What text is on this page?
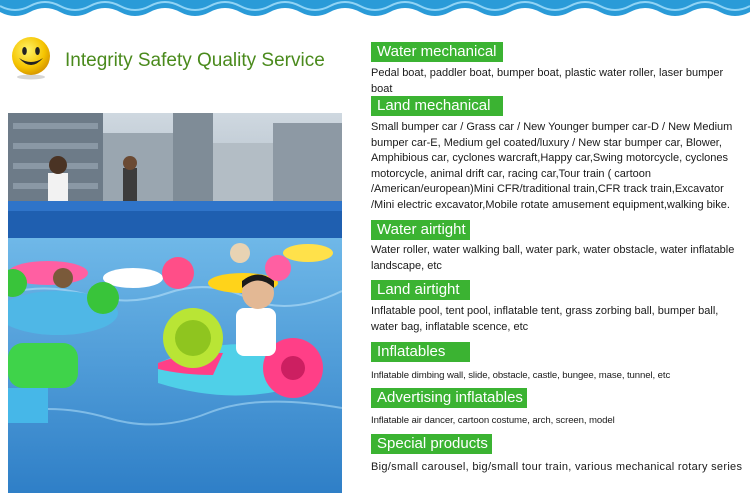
Integrity Safety Quality Service	Water mechanical
Pedal boat, paddler boat, bumper boat, plastic water roller, laser bumper boat
Land mechanical
Small bumper car / Grass car / New Younger bumper car-D / New Medium bumper car-E, Medium gel coated/luxury / New star bumper car, Blower, Amphibious car, cyclones warcraft,Happy car,Swing motorcycle, cyclones motorcycle, animal drift car, racing car,Tour train ( cartoon /American/european)Mini CFR/traditional train,CFR track train,Excavator /Mini electric excavator,Mobile rotate amusement equipment,walking bike.
Water airtight
Water roller, water walking ball, water park, water obstacle, water inflatable landscape, etc
Land airtight
Inflatable pool, tent pool, inflatable tent, grass zorbing ball, bumper ball, water bag, inflatable scence, etc
Inflatables
Inflatable dimbing wall, slide, obstacle, castle, bungee, mase, tunnel, etc
Advertising inflatables
Inflatable air dancer, cartoon costume, arch, screen, model
Special products
Big/small carousel, big/small tour train, various mechanical rotary series
